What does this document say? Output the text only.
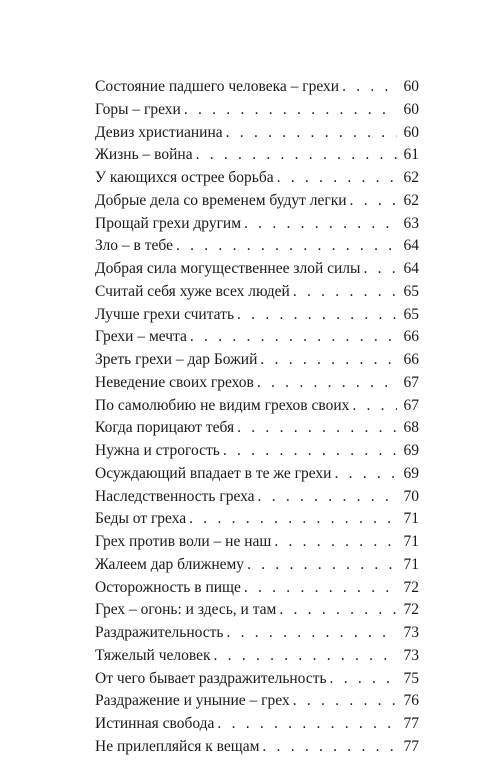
Состояние падшего человека – грехи . . .	60
Горы – грехи . . .	60
Девиз христианина . . .	60
Жизнь – война . . .	61
У кающихся острее борьба . . .	62
Добрые дела со временем будут легки . . .	62
Прощай грехи другим . . .	63
Зло – в тебе . . .	64
Добрая сила могущественнее злой силы . . .	64
Считай себя хуже всех людей . . .	65
Лучше грехи считать . . .	65
Грехи – мечта . . .	66
Зреть грехи – дар Божий . . .	66
Неведение своих грехов . . .	67
По самолюбию не видим грехов своих . . .	67
Когда порицают тебя . . .	68
Нужна и строгость . . .	69
Осуждающий впадает в те же грехи . . .	69
Наследственность греха . . .	70
Беды от греха . . .	71
Грех против воли – не наш . . .	71
Жалеем дар ближнему . . .	71
Осторожность в пище . . .	72
Грех – огонь: и здесь, и там . . .	72
Раздражительность . . .	73
Тяжелый человек . . .	73
От чего бывает раздражительность . . .	75
Раздражение и уныние – грех . . .	76
Истинная свобода . . .	77
Не прилепляйся к вещам . . .	77
